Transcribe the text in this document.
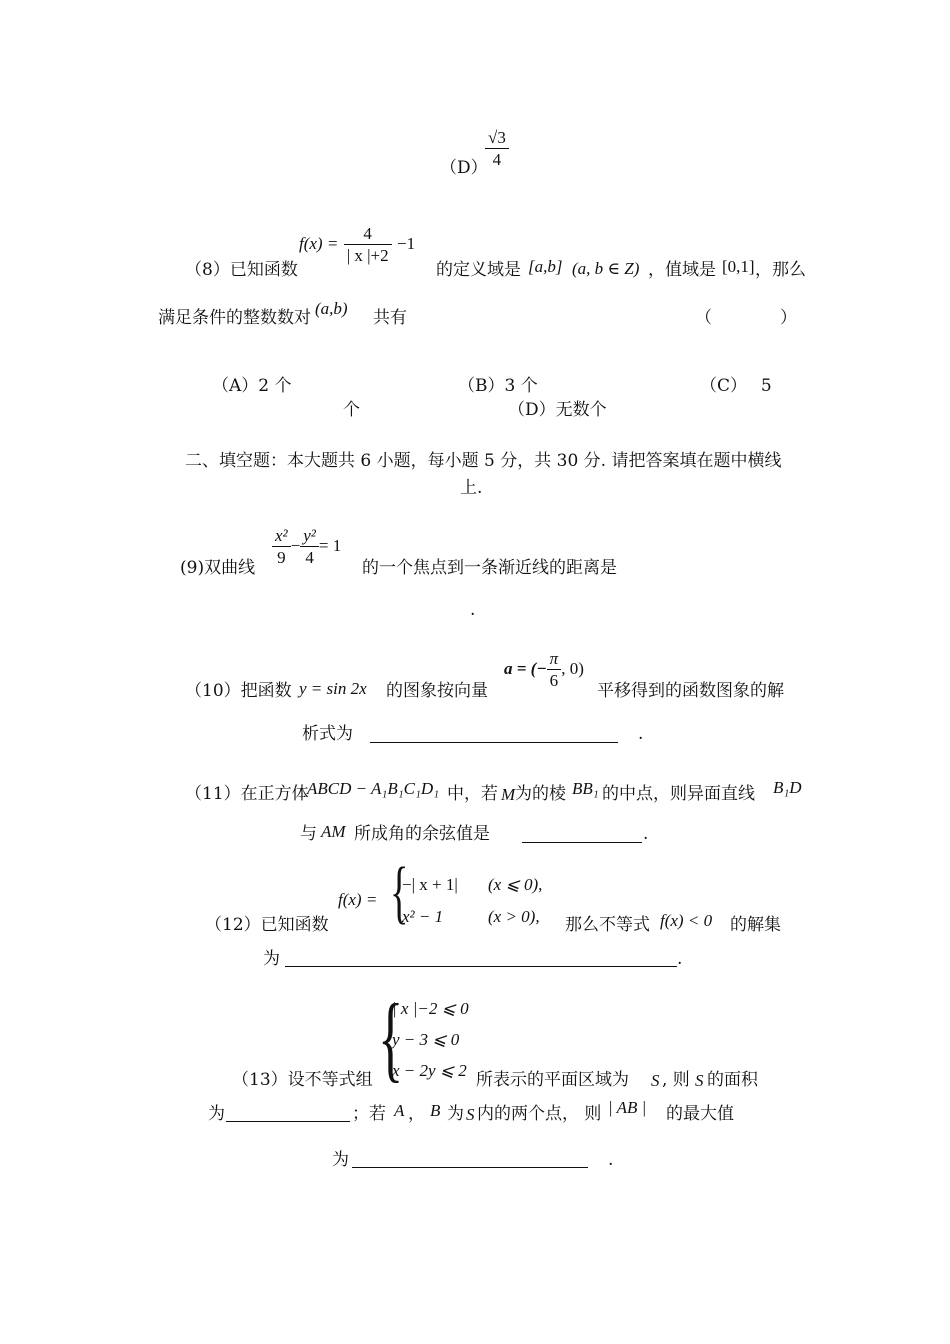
（D）
$\frac{√3}{4}$
（8）已知函数
$f(x) = \frac{4}{| x |+2} -1$
的定义域是 [a,b] (a, b ∈ Z) ，值域是 [0,1] ，那么
满足条件的整数数对 (a,b) 共有	（　　　　）
（A）2 个	（B）3 个	（C）　 5
个	（D）无数个
二、填空题：本大题共 6 小题，每小题 5 分，共 30 分. 请把答案填在题中横线
上.
(9)双曲线
$\frac{\text{x²}}{9} - \frac{\text{y²}}{4} = 1$
的一个焦点到一条渐近线的距离是
.
（10）把函数 y = sin 2x 的图象按向量
a = (− $\frac{\pi}{6}$ , 0)
平移得到的函数图象的解
析式为	.
（11）在正方体
ABCD − A₁B₁C₁D₁ 中，若 M 为的棱 BB₁ 的中点，则异面直线 B₁D
与 AM 所成角的余弦值是	.
（12）已知函数
f(x) = {
−| x + 1| (x ⩽ 0),
x² − 1	(x > 0), 那么不等式 f(x) < 0 的解集
为	.
（13）设不等式组 {
| x |−2 ⩽ 0
y − 3 ⩽ 0
x − 2y ⩽ 2 所表示的平面区域为 S , 则 S 的面积
为	；若 A ， B 为 S 内的两个点， 则 | AB | 的最大值
为	.
